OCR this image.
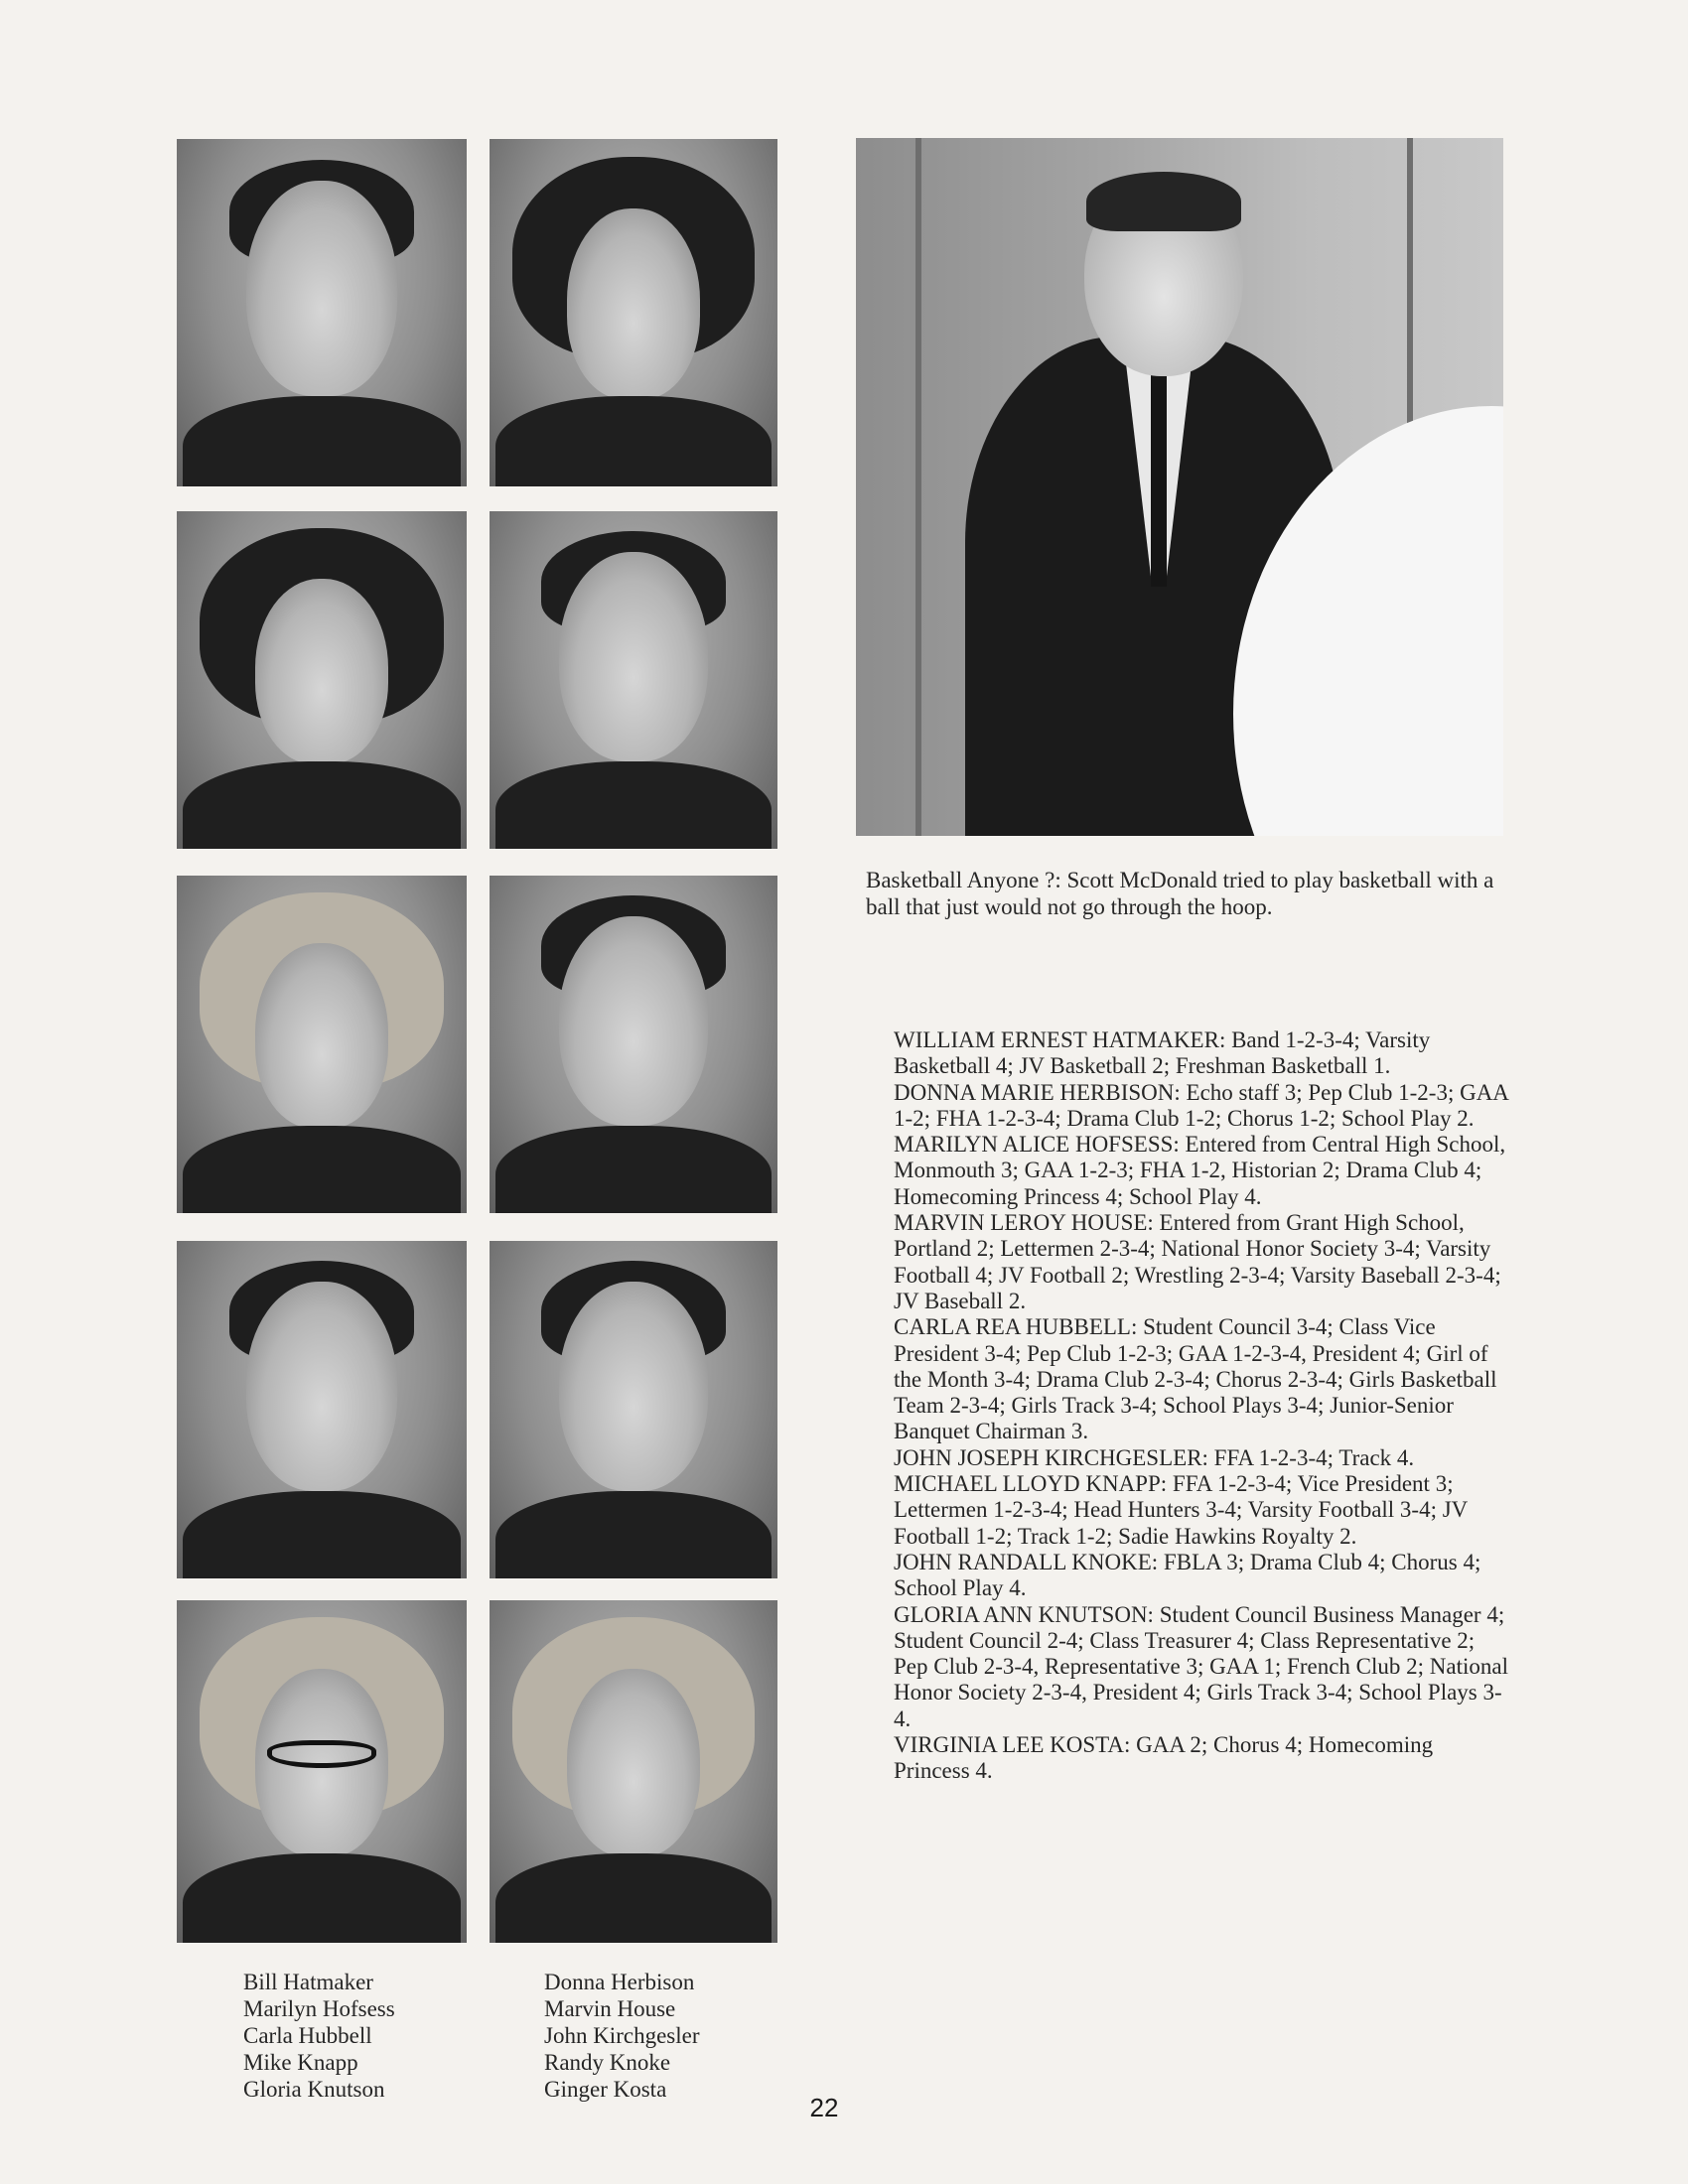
Basketball Anyone ?: Scott McDonald tried to play basketball with a ball that just would not go through the hoop.

WILLIAM ERNEST HATMAKER: Band 1-2-3-4; Varsity Basketball 4; JV Basketball 2; Freshman Basketball 1.

DONNA MARIE HERBISON: Echo staff 3; Pep Club 1-2-3; GAA 1-2; FHA 1-2-3-4; Drama Club 1-2; Chorus 1-2; School Play 2.

MARILYN ALICE HOFSESS: Entered from Central High School, Monmouth 3; GAA 1-2-3; FHA 1-2, Historian 2; Drama Club 4; Homecoming Princess 4; School Play 4.

MARVIN LEROY HOUSE: Entered from Grant High School, Portland 2; Lettermen 2-3-4; National Honor Society 3-4; Varsity Football 4; JV Football 2; Wrestling 2-3-4; Varsity Baseball 2-3-4; JV Baseball 2.

CARLA REA HUBBELL: Student Council 3-4; Class Vice President 3-4; Pep Club 1-2-3; GAA 1-2-3-4, President 4; Girl of the Month 3-4; Drama Club 2-3-4; Chorus 2-3-4; Girls Basketball Team 2-3-4; Girls Track 3-4; School Plays 3-4; Junior-Senior Banquet Chairman 3.

JOHN JOSEPH KIRCHGESLER: FFA 1-2-3-4; Track 4.

MICHAEL LLOYD KNAPP: FFA 1-2-3-4; Vice President 3; Lettermen 1-2-3-4; Head Hunters 3-4; Varsity Football 3-4; JV Football 1-2; Track 1-2; Sadie Hawkins Royalty 2.

JOHN RANDALL KNOKE: FBLA 3; Drama Club 4; Chorus 4; School Play 4.

GLORIA ANN KNUTSON: Student Council Business Manager 4; Student Council 2-4; Class Treasurer 4; Class Representative 2; Pep Club 2-3-4, Representative 3; GAA 1; French Club 2; National Honor Society 2-3-4, President 4; Girls Track 3-4; School Plays 3-4.

VIRGINIA LEE KOSTA: GAA 2; Chorus 4; Homecoming Princess 4.

Bill Hatmaker
Marilyn Hofsess
Carla Hubbell
Mike Knapp
Gloria Knutson
Donna Herbison
Marvin House
John Kirchgesler
Randy Knoke
Ginger Kosta
22
